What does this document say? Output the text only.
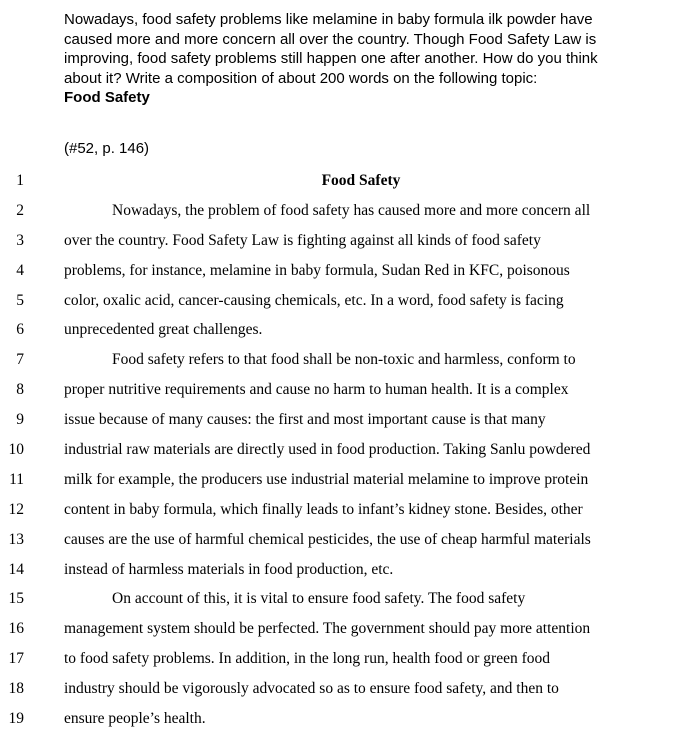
Nowadays, food safety problems like melamine in baby formula ilk powder have
caused more and more concern all over the country. Though Food Safety Law is
improving, food safety problems still happen one after another. How do you think
about it? Write a composition of about 200 words on the following topic:
Food Safety
(#52, p. 146)
1	Food Safety
2	Nowadays, the problem of food safety has caused more and more concern all
3	over the country. Food Safety Law is fighting against all kinds of food safety
4	problems, for instance, melamine in baby formula, Sudan Red in KFC, poisonous
5	color, oxalic acid, cancer-causing chemicals, etc. In a word, food safety is facing
6	unprecedented great challenges.
7	Food safety refers to that food shall be non-toxic and harmless, conform to
8	proper nutritive requirements and cause no harm to human health. It is a complex
9	issue because of many causes: the first and most important cause is that many
10	industrial raw materials are directly used in food production. Taking Sanlu powdered
11	milk for example, the producers use industrial material melamine to improve protein
12	content in baby formula, which finally leads to infant’s kidney stone. Besides, other
13	causes are the use of harmful chemical pesticides, the use of cheap harmful materials
14	instead of harmless materials in food production, etc.
15	On account of this, it is vital to ensure food safety. The food safety
16	management system should be perfected. The government should pay more attention
17	to food safety problems. In addition, in the long run, health food or green food
18	industry should be vigorously advocated so as to ensure food safety, and then to
19	ensure people’s health.
